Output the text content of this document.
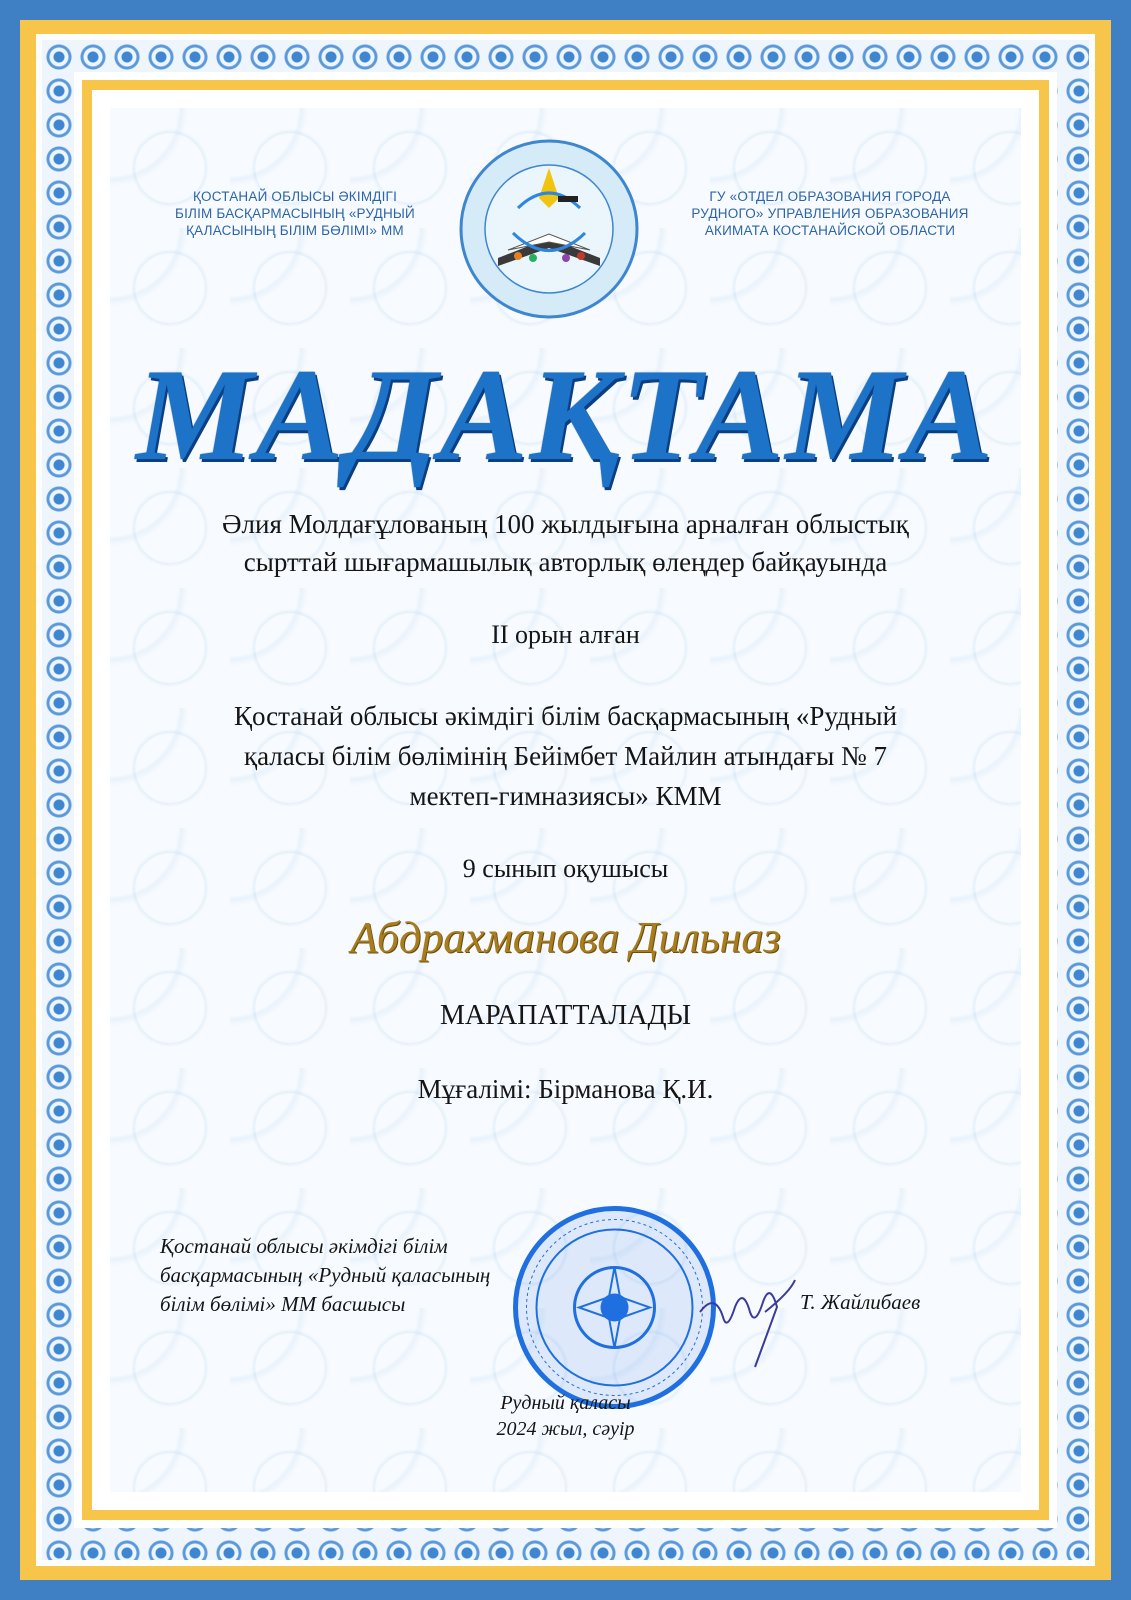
ҚОСТАНАЙ ОБЛЫСЫ ӘКІМДІГІ
БІЛІМ БАСҚАРМАСЫНЫҢ «РУДНЫЙ
ҚАЛАСЫНЫҢ БІЛІМ БӨЛІМІ» ММ
ГУ «ОТДЕЛ ОБРАЗОВАНИЯ ГОРОДА
РУДНОГО» УПРАВЛЕНИЯ ОБРАЗОВАНИЯ
АКИМАТА КОСТАНАЙСКОЙ ОБЛАСТИ
МАДАҚТАМА
Әлия Молдағұлованың 100 жылдығына арналған облыстық
сырттай шығармашылық авторлық өлеңдер байқауында
ІІ орын алған
Қостанай облысы әкімдігі білім басқармасының «Рудный
қаласы білім бөлімінің Бейімбет Майлин атындағы № 7
мектеп-гимназиясы» КММ
9 сынып оқушысы
Абдрахманова Дильназ
МАРАПАТТАЛАДЫ
Мұғалімі: Бірманова Қ.И.
Қостанай облысы әкімдігі білім
басқармасының «Рудный қаласының
білім бөлімі» ММ басшысы	Т. Жайлибаев
Рудный қаласы
2024 жыл, сәуір
